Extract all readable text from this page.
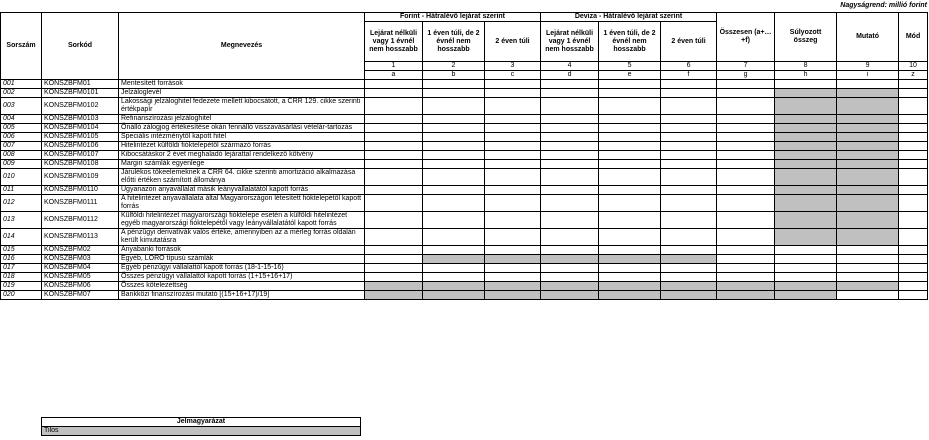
Nagyságrend: millió forint
Sorszám	Sorkód	Megnevezés	Forint - Hátralévő lejárat szerint			Deviza - Hátralévő lejárat szerint			Összesen (a+…+f)	Súlyozott összeg	Mutató	Mód
			Lejárat nélküli vagy 1 évnél nem hosszabb	1 éven túli, de 2 évnél nem hosszabb	2 éven túli	Lejárat nélküli vagy 1 évnél nem hosszabb	1 éven túli, de 2 évnél nem hosszabb	2 éven túli				
			1	2	3	4	5	6	7	8	9	10
			a	b	c	d	e	f	g	h	i	z
001	KONSZBFM01	Mentesített források										
002	KONSZBFM0101	Jelzáloglevél										
003	KONSZBFM0102	Lakossági jelzáloghitel fedezete mellett kibocsátott, a CRR 129. cikke szerinti értékpapír										
004	KONSZBFM0103	Refinanszírozási jelzáloghitel										
005	KONSZBFM0104	Önálló zálogjog értékesítése okán fennálló visszavásárlási vételár-tartozás										
006	KONSZBFM0105	Speciális intézménytől kapott hitel										
007	KONSZBFM0106	Hitelintézet külföldi fióktelepétől származó forrás										
008	KONSZBFM0107	Kibocsátáskor 2 évet meghaladó lejárattal rendelkező kötvény										
009	KONSZBFM0108	Margin számlák egyenlege										
010	KONSZBFM0109	Járulékos tőkeelemeknek a CRR 64. cikke szerinti amortizáció alkalmazása előtti értéken számított állománya										
011	KONSZBFM0110	Ugyanazon anyavállalat másik leányvállalatától kapott forrás										
012	KONSZBFM0111	A hitelintézet anyavállalata által Magyarországon létesített fióktelepétől kapott forrás										
013	KONSZBFM0112	Külföldi hitelintézet magyarországi fióktelepe esetén a külföldi hitelintézet egyéb magyarországi fióktelepétől vagy leányvállalatától kapott forrás										
014	KONSZBFM0113	A pénzügyi derivatívák valós értéke, amennyiben az a mérleg forrás oldalán került kimutatásra										
015	KONSZBFM02	Anyabanki források										
016	KONSZBFM03	Egyéb, LORO típusú számlák										
017	KONSZBFM04	Egyéb pénzügyi vállalattól kapott forrás (18-1-15-16)										
018	KONSZBFM05	Összes pénzügyi vállalattól kapott forrás (1+15+16+17)										
019	KONSZBFM06	Összes kötelezettség										
020	KONSZBFM07	Bankközi finanszírozási mutató [(15+16+17)/19]										
Jelmagyarázat
Tilos
